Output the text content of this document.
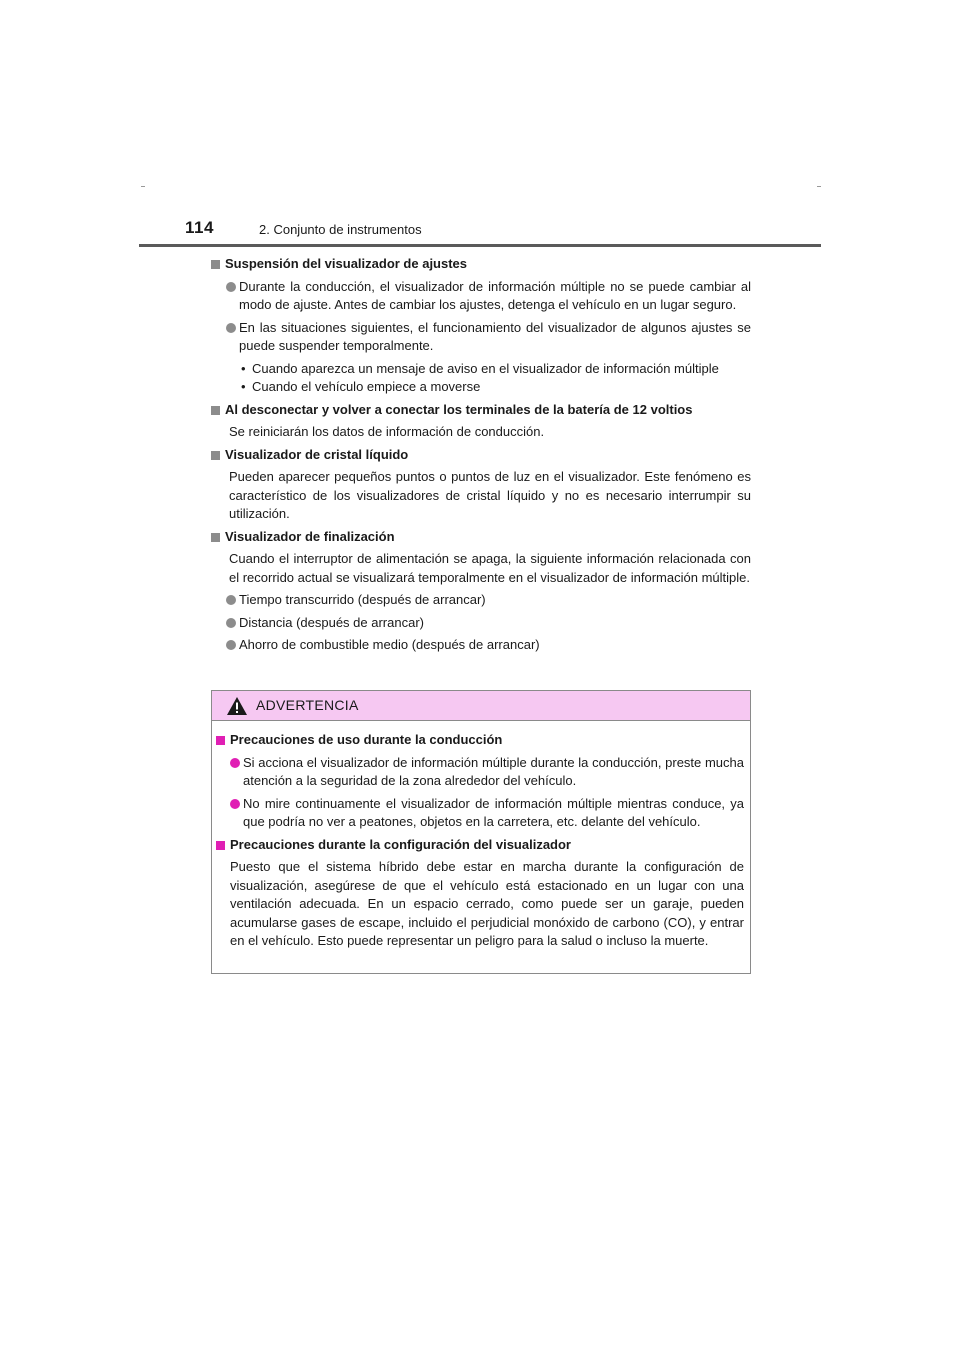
114	2. Conjunto de instrumentos
Suspensión del visualizador de ajustes
Durante la conducción, el visualizador de información múltiple no se puede cambiar al modo de ajuste. Antes de cambiar los ajustes, detenga el vehículo en un lugar seguro.
En las situaciones siguientes, el funcionamiento del visualizador de algunos ajustes se puede suspender temporalmente.
• Cuando aparezca un mensaje de aviso en el visualizador de información múltiple
• Cuando el vehículo empiece a moverse
Al desconectar y volver a conectar los terminales de la batería de 12 voltios
Se reiniciarán los datos de información de conducción.
Visualizador de cristal líquido
Pueden aparecer pequeños puntos o puntos de luz en el visualizador. Este fenómeno es característico de los visualizadores de cristal líquido y no es necesario interrumpir su utilización.
Visualizador de finalización
Cuando el interruptor de alimentación se apaga, la siguiente información relacionada con el recorrido actual se visualizará temporalmente en el visualizador de información múltiple.
Tiempo transcurrido (después de arrancar)
Distancia (después de arrancar)
Ahorro de combustible medio (después de arrancar)
ADVERTENCIA
Precauciones de uso durante la conducción
Si acciona el visualizador de información múltiple durante la conducción, preste mucha atención a la seguridad de la zona alrededor del vehículo.
No mire continuamente el visualizador de información múltiple mientras conduce, ya que podría no ver a peatones, objetos en la carretera, etc. delante del vehículo.
Precauciones durante la configuración del visualizador
Puesto que el sistema híbrido debe estar en marcha durante la configuración de visualización, asegúrese de que el vehículo está estacionado en un lugar con una ventilación adecuada. En un espacio cerrado, como puede ser un garaje, pueden acumularse gases de escape, incluido el perjudicial monóxido de carbono (CO), y entrar en el vehículo. Esto puede representar un peligro para la salud o incluso la muerte.
